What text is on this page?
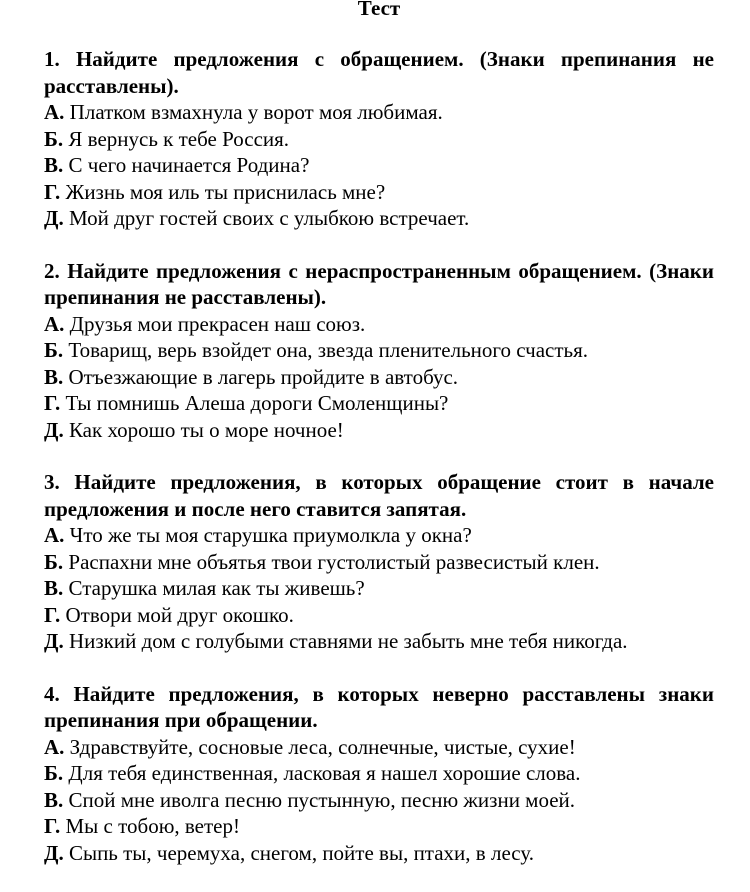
Тест

1. Найдите предложения с обращением. (Знаки препинания не расставлены).

А. Платком взмахнула у ворот моя любимая.

Б. Я вернусь к тебе Россия.

В. С чего начинается Родина?

Г. Жизнь моя иль ты приснилась мне?

Д. Мой друг гостей своих с улыбкою встречает.

2. Найдите предложения с нераспространенным обращением. (Знаки препинания не расставлены).

А. Друзья мои прекрасен наш союз.

Б. Товарищ, верь взойдет она, звезда пленительного счастья.

В. Отъезжающие в лагерь пройдите в автобус.

Г. Ты помнишь Алеша дороги Смоленщины?

Д. Как хорошо ты о море ночное!

3. Найдите предложения, в которых обращение стоит в начале предложения и после него ставится запятая.

А. Что же ты моя старушка приумолкла у окна?

Б. Распахни мне объятья твои густолистый развесистый клен.

В. Старушка милая как ты живешь?

Г. Отвори мой друг окошко.

Д. Низкий дом с голубыми ставнями не забыть мне тебя никогда.

4. Найдите предложения, в которых неверно расставлены знаки препинания при обращении.

А. Здравствуйте, сосновые леса, солнечные, чистые, сухие!

Б. Для тебя единственная, ласковая я нашел хорошие слова.

В. Спой мне иволга песню пустынную, песню жизни моей.

Г. Мы с тобою, ветер!

Д. Сыпь ты, черемуха, снегом, пойте вы, птахи, в лесу.
